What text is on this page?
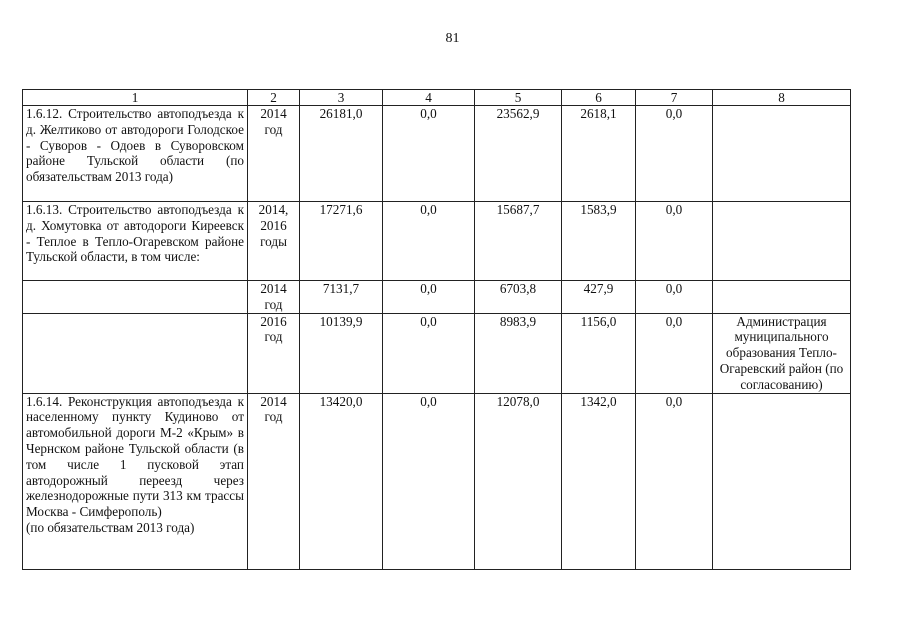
81
1	2	3	4	5	6	7	8
1.6.12. Строительство автоподъезда к д. Желтиково от автодороги Голодское - Суворов - Одоев в Суворовском районе Тульской области (по обязательствам 2013 года)	2014 год	26181,0	0,0	23562,9	2618,1	0,0	
1.6.13. Строительство автоподъезда к д. Хомутовка от автодороги Киреевск - Теплое в Тепло-Огаревском районе Тульской области, в том числе:	2014, 2016 годы	17271,6	0,0	15687,7	1583,9	0,0	
	2014 год	7131,7	0,0	6703,8	427,9	0,0	
	2016 год	10139,9	0,0	8983,9	1156,0	0,0	Администрация муниципального образования Тепло-Огаревский район (по согласованию)
1.6.14. Реконструкция автоподъезда к населенному пункту Кудиново от автомобильной дороги М-2 «Крым» в Чернском районе Тульской области (в том числе 1 пусковой этап автодорожный переезд через железнодорожные пути 313 км трассы Москва - Симферополь)
(по обязательствам 2013 года)	2014 год	13420,0	0,0	12078,0	1342,0	0,0	
